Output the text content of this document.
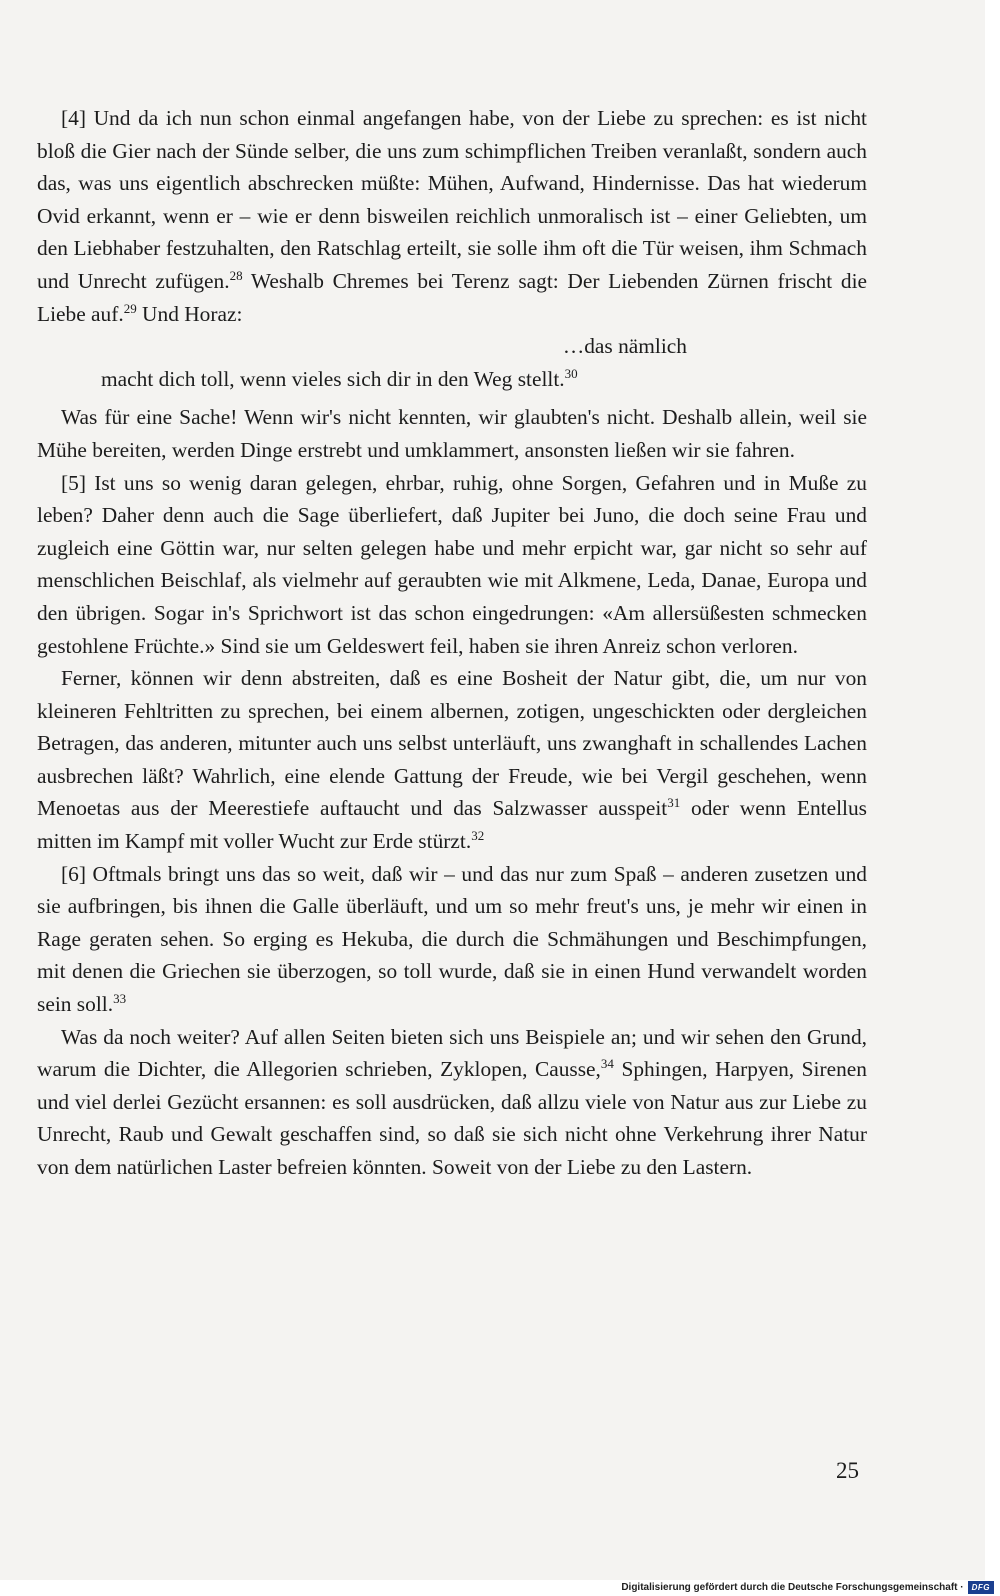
[4] Und da ich nun schon einmal angefangen habe, von der Liebe zu sprechen: es ist nicht bloß die Gier nach der Sünde selber, die uns zum schimpflichen Treiben veranlaßt, sondern auch das, was uns eigentlich abschrecken müßte: Mühen, Aufwand, Hindernisse. Das hat wiederum Ovid erkannt, wenn er – wie er denn bisweilen reichlich unmoralisch ist – einer Geliebten, um den Liebhaber festzuhalten, den Ratschlag erteilt, sie solle ihm oft die Tür weisen, ihm Schmach und Unrecht zufügen.$^{28}$ Weshalb Chremes bei Terenz sagt: Der Liebenden Zürnen frischt die Liebe auf.$^{29}$ Und Horaz:

…das nämlich

macht dich toll, wenn vieles sich dir in den Weg stellt.$^{30}$

Was für eine Sache! Wenn wir's nicht kennten, wir glaubten's nicht. Deshalb allein, weil sie Mühe bereiten, werden Dinge erstrebt und umklammert, ansonsten ließen wir sie fahren.

[5] Ist uns so wenig daran gelegen, ehrbar, ruhig, ohne Sorgen, Gefahren und in Muße zu leben? Daher denn auch die Sage überliefert, daß Jupiter bei Juno, die doch seine Frau und zugleich eine Göttin war, nur selten gelegen habe und mehr erpicht war, gar nicht so sehr auf menschlichen Beischlaf, als vielmehr auf geraubten wie mit Alkmene, Leda, Danae, Europa und den übrigen. Sogar in's Sprichwort ist das schon eingedrungen: «Am allersüßesten schmecken gestohlene Früchte.» Sind sie um Geldeswert feil, haben sie ihren Anreiz schon verloren.

Ferner, können wir denn abstreiten, daß es eine Bosheit der Natur gibt, die, um nur von kleineren Fehltritten zu sprechen, bei einem albernen, zotigen, ungeschickten oder dergleichen Betragen, das anderen, mitunter auch uns selbst unterläuft, uns zwanghaft in schallendes Lachen ausbrechen läßt? Wahrlich, eine elende Gattung der Freude, wie bei Vergil geschehen, wenn Menoetas aus der Meerestiefe auftaucht und das Salzwasser ausspeit$^{31}$ oder wenn Entellus mitten im Kampf mit voller Wucht zur Erde stürzt.$^{32}$

[6] Oftmals bringt uns das so weit, daß wir – und das nur zum Spaß – anderen zusetzen und sie aufbringen, bis ihnen die Galle überläuft, und um so mehr freut's uns, je mehr wir einen in Rage geraten sehen. So erging es Hekuba, die durch die Schmähungen und Beschimpfungen, mit denen die Griechen sie überzogen, so toll wurde, daß sie in einen Hund verwandelt worden sein soll.$^{33}$

Was da noch weiter? Auf allen Seiten bieten sich uns Beispiele an; und wir sehen den Grund, warum die Dichter, die Allegorien schrieben, Zyklopen, Causse,$^{34}$ Sphingen, Harpyen, Sirenen und viel derlei Gezücht ersannen: es soll ausdrücken, daß allzu viele von Natur aus zur Liebe zu Unrecht, Raub und Gewalt geschaffen sind, so daß sie sich nicht ohne Verkehrung ihrer Natur von dem natürlichen Laster befreien könnten. Soweit von der Liebe zu den Lastern.

25
Digitalisierung gefördert durch die Deutsche Forschungsgemeinschaft ·	DFG
